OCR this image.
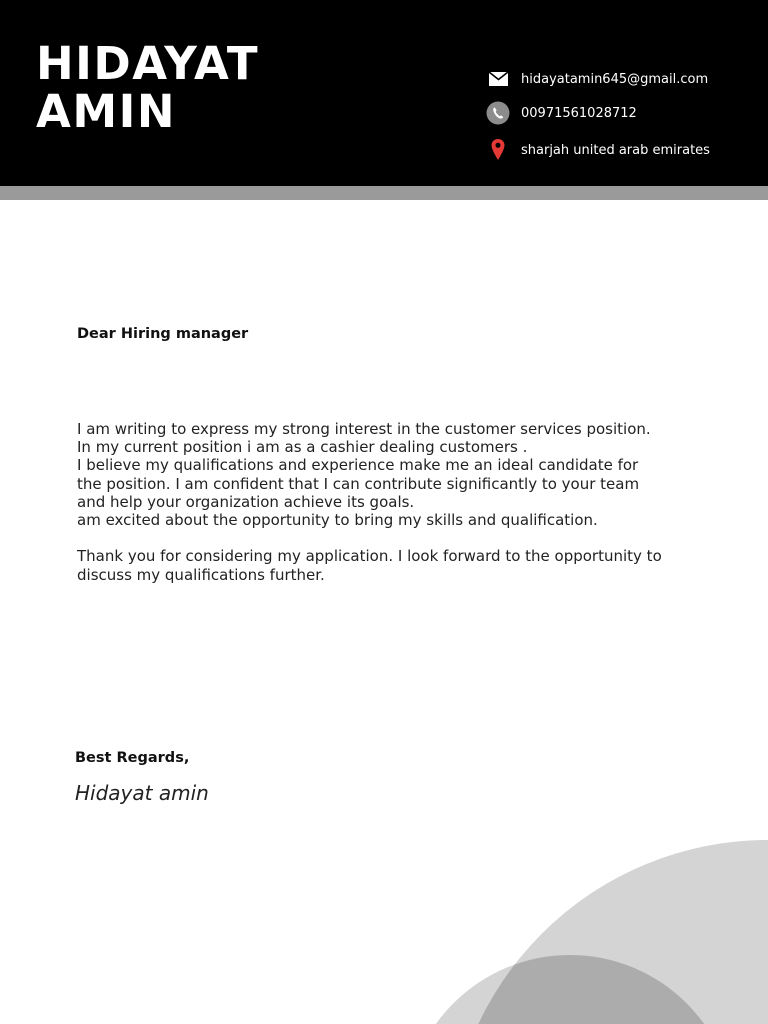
HIDAYAT
AMIN
hidayatamin645@gmail.com
00971561028712
sharjah united arab emirates

Dear Hiring manager

I am writing to express my strong interest in the customer services position.

In my current position i am as a cashier dealing customers .

I believe my qualifications and experience make me an ideal candidate for

the position. I am confident that I can contribute significantly to your team

and help your organization achieve its goals.

am excited about the opportunity to bring my skills and qualification.

Thank you for considering my application. I look forward to the opportunity to

discuss my qualifications further.

Best Regards,

Hidayat amin
